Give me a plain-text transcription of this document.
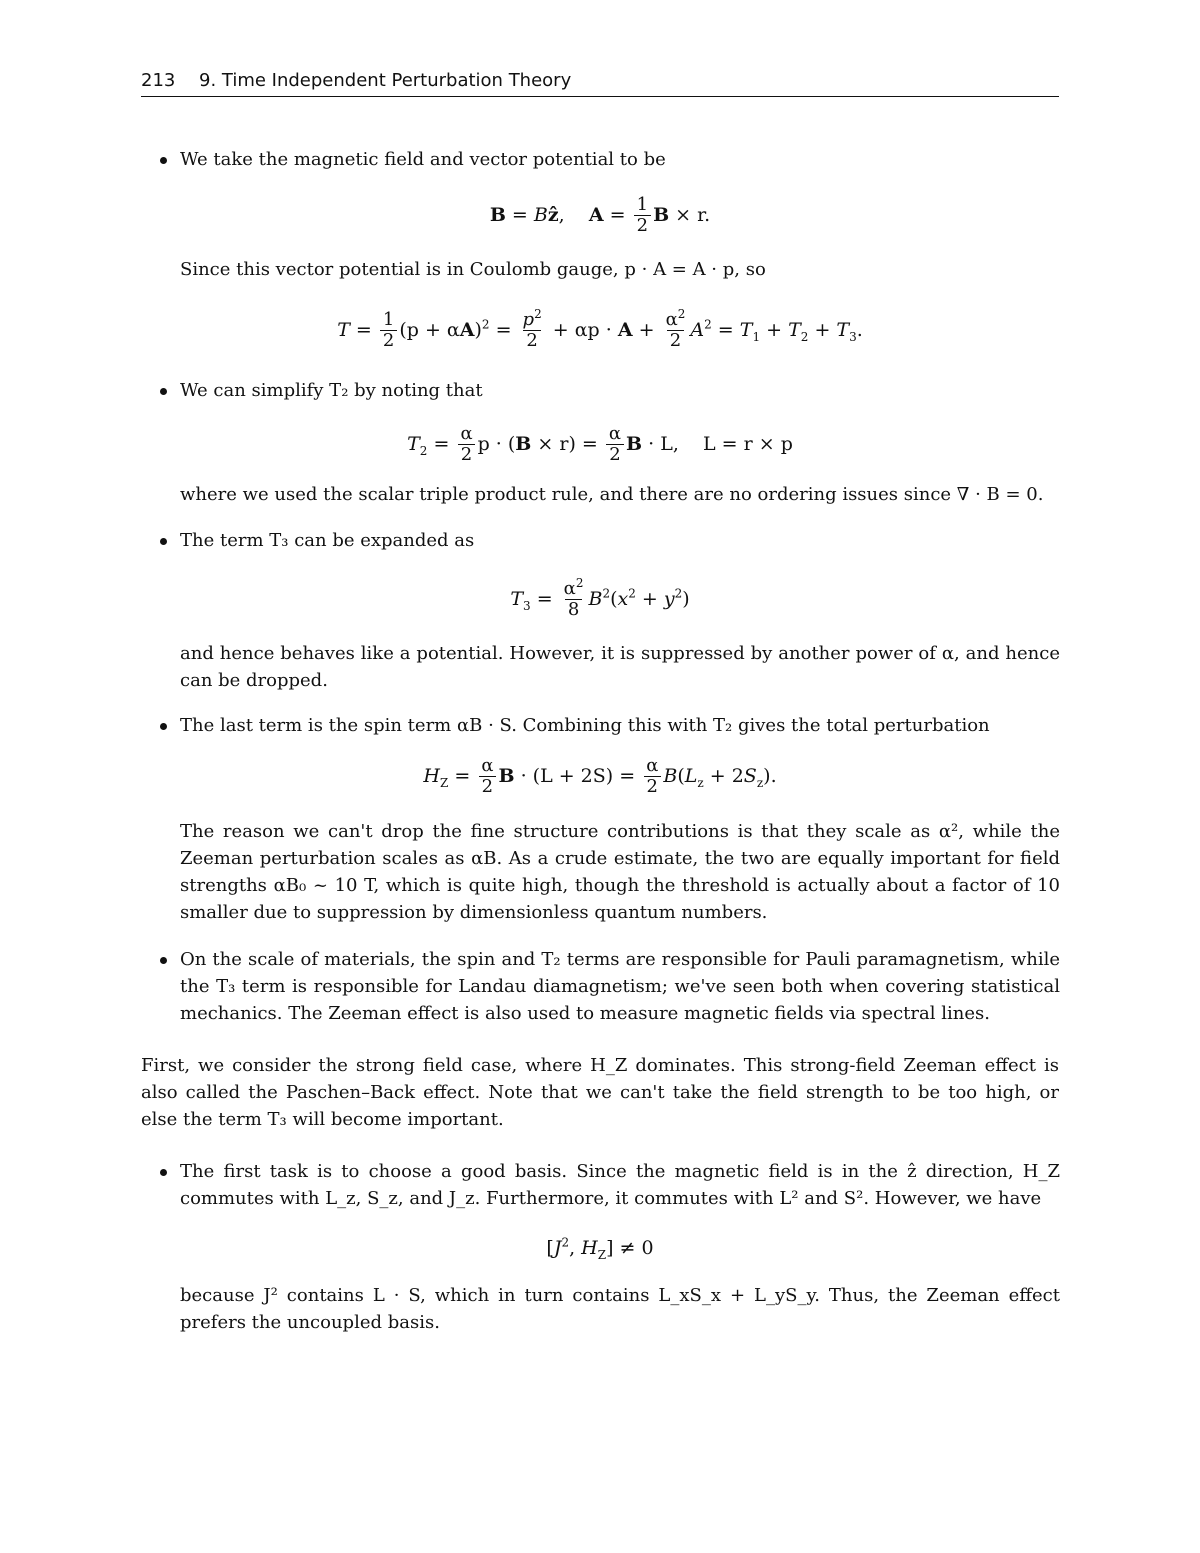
213 9. Time Independent Perturbation Theory
We take the magnetic field and vector potential to be
B = Bẑ,    $A = \frac{1}{2}$ B × r.
Since this vector potential is in Coulomb gauge, p · A = A · p, so
$T = \frac{1}{2} (p + \alpha A)^2 = \frac{p^2}{2} + \alpha p \cdot A + \frac{\alpha^2}{2} A^2 = T_1 + T_2 + T_3$.
We can simplify T₂ by noting that
$T_2 = \frac{\alpha}{2}$ $p \cdot (B \times r) = \frac{\alpha}{2}$ B · L,    L = r × p
where we used the scalar triple product rule, and there are no ordering issues since ∇ · B = 0.
The term T₃ can be expanded as
$T_3 = \frac{\alpha^2}{8} B^2(x^2 + y^2)$
and hence behaves like a potential. However, it is suppressed by another power of α, and hence can be dropped.
The last term is the spin term αB · S. Combining this with T₂ gives the total perturbation
$H_Z = \frac{\alpha}{2}$ $B \cdot (L + 2S) = \frac{\alpha}{2} B(L_z + 2S_z)$.
The reason we can't drop the fine structure contributions is that they scale as α², while the Zeeman perturbation scales as αB. As a crude estimate, the two are equally important for field strengths αB₀ ~ 10 T, which is quite high, though the threshold is actually about a factor of 10 smaller due to suppression by dimensionless quantum numbers.
On the scale of materials, the spin and T₂ terms are responsible for Pauli paramagnetism, while the T₃ term is responsible for Landau diamagnetism; we've seen both when covering statistical mechanics. The Zeeman effect is also used to measure magnetic fields via spectral lines.
First, we consider the strong field case, where H_Z dominates. This strong-field Zeeman effect is also called the Paschen–Back effect. Note that we can't take the field strength to be too high, or else the term T₃ will become important.
The first task is to choose a good basis. Since the magnetic field is in the ẑ direction, H_Z commutes with L_z, S_z, and J_z. Furthermore, it commutes with L² and S². However, we have
[$J^2$, $H_Z] \ne 0$
because J² contains L · S, which in turn contains L_xS_x + L_yS_y. Thus, the Zeeman effect prefers the uncoupled basis.
